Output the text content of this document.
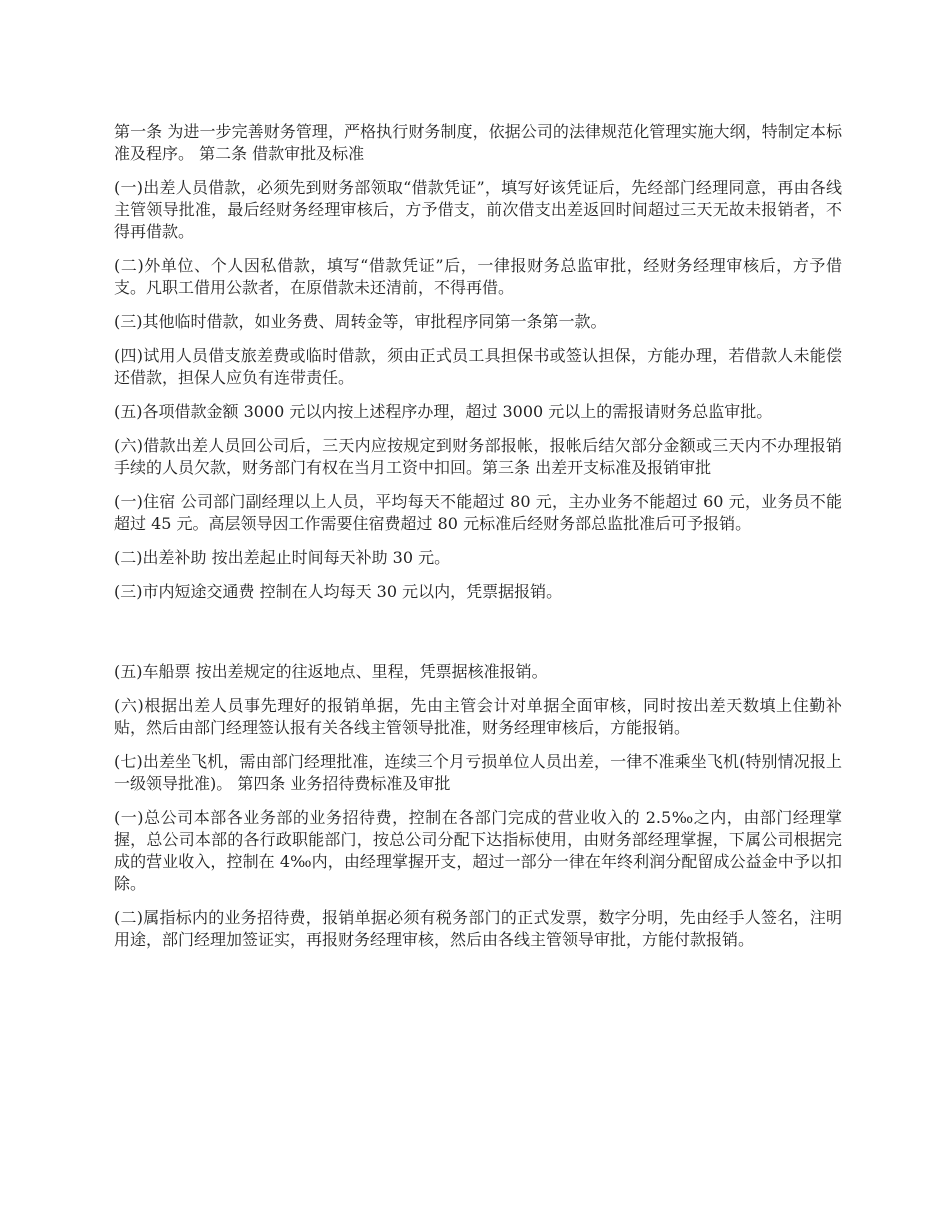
第一条 为进一步完善财务管理，严格执行财务制度，依据公司的法律规范化管理实施大纲，特制定本标准及程序。 第二条 借款审批及标准

(一)出差人员借款，必须先到财务部领取“借款凭证”，填写好该凭证后，先经部门经理同意，再由各线主管领导批准，最后经财务经理审核后，方予借支，前次借支出差返回时间超过三天无故未报销者，不得再借款。

(二)外单位、个人因私借款，填写“借款凭证”后，一律报财务总监审批，经财务经理审核后，方予借支。凡职工借用公款者，在原借款未还清前，不得再借。

(三)其他临时借款，如业务费、周转金等，审批程序同第一条第一款。

(四)试用人员借支旅差费或临时借款，须由正式员工具担保书或签认担保，方能办理，若借款人未能偿还借款，担保人应负有连带责任。

(五)各项借款金额 3000 元以内按上述程序办理，超过 3000 元以上的需报请财务总监审批。

(六)借款出差人员回公司后，三天内应按规定到财务部报帐，报帐后结欠部分金额或三天内不办理报销手续的人员欠款，财务部门有权在当月工资中扣回。第三条 出差开支标准及报销审批

(一)住宿 公司部门副经理以上人员，平均每天不能超过 80 元，主办业务不能超过 60 元，业务员不能超过 45 元。高层领导因工作需要住宿费超过 80 元标准后经财务部总监批准后可予报销。

(二)出差补助 按出差起止时间每天补助 30 元。

(三)市内短途交通费 控制在人均每天 30 元以内，凭票据报销。

(五)车船票 按出差规定的往返地点、里程，凭票据核准报销。

(六)根据出差人员事先理好的报销单据，先由主管会计对单据全面审核，同时按出差天数填上住勤补贴，然后由部门经理签认报有关各线主管领导批准，财务经理审核后，方能报销。

(七)出差坐飞机，需由部门经理批准，连续三个月亏损单位人员出差，一律不准乘坐飞机(特别情况报上一级领导批准)。 第四条 业务招待费标准及审批

(一)总公司本部各业务部的业务招待费，控制在各部门完成的营业收入的 2.5‰之内，由部门经理掌握，总公司本部的各行政职能部门，按总公司分配下达指标使用，由财务部经理掌握，下属公司根据完成的营业收入，控制在 4‰内，由经理掌握开支，超过一部分一律在年终利润分配留成公益金中予以扣除。

(二)属指标内的业务招待费，报销单据必须有税务部门的正式发票，数字分明，先由经手人签名，注明用途，部门经理加签证实，再报财务经理审核，然后由各线主管领导审批，方能付款报销。
